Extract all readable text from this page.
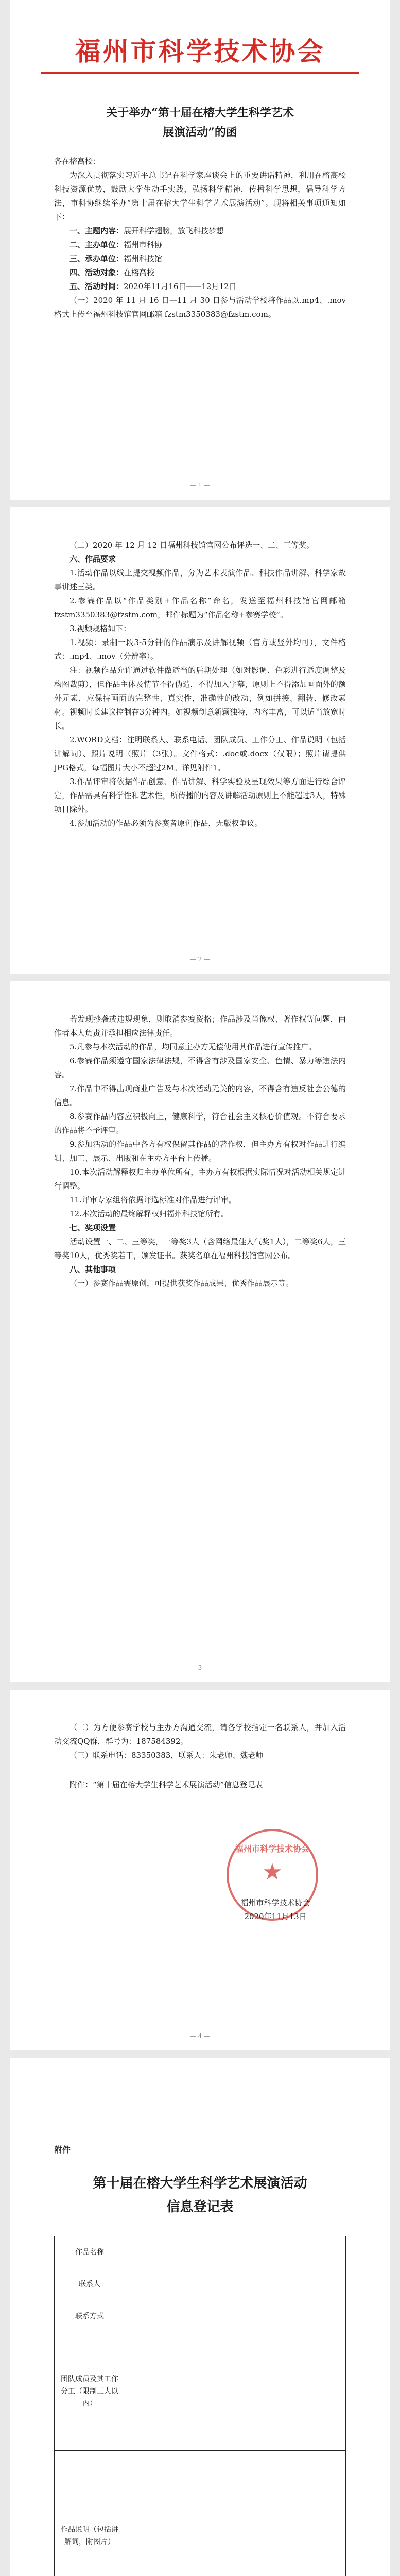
福州市科学技术协会
关于举办“第十届在榕大学生科学艺术
展演活动”的函

各在榕高校：

为深入贯彻落实习近平总书记在科学家座谈会上的重要讲话精神，利用在榕高校科技资源优势，鼓励大学生动手实践，弘扬科学精神，传播科学思想，倡导科学方法，市科协继续举办“第十届在榕大学生科学艺术展演活动”。现将相关事项通知如下：

一、主题内容：展开科学翅膀，放飞科技梦想

二、主办单位：福州市科协

三、承办单位：福州科技馆

四、活动对象：在榕高校

五、活动时间：2020年11月16日——12月12日

（一）2020 年 11 月 16 日—11 月 30 日参与活动学校将作品以.mp4、.mov 格式上传至福州科技馆官网邮箱 fzstm3350383@fzstm.com。

— 1 —

（二）2020 年 12 月 12 日福州科技馆官网公布评选一、二、三等奖。

六、作品要求

1.活动作品以线上提交视频作品，分为艺术表演作品、科技作品讲解、科学家故事讲述三类。

2.参赛作品以“作品类别+作品名称”命名，发送至福州科技馆官网邮箱 fzstm3350383@fzstm.com，邮件标题为“作品名称+参赛学校”。

3.视频规格如下：

1.视频：录制一段3-5分钟的作品演示及讲解视频（官方或竖外均可），文件格式：.mp4、.mov（分辨率）。

注：视频作品允许通过软件做适当的后期处理（如对影调、色彩进行适度调整及构图裁剪），但作品主体及情节不得伪造，不得加入字幕，原则上不得添加画面外的额外元素，应保持画面的完整性、真实性，准确性的改动，例如拼接、翻转、修改素材。视频时长建议控制在3分钟内。如视频创意新颖独特，内容丰富，可以适当放宽时长。

2.WORD文档：注明联系人、联系电话、团队成员、工作分工、作品说明（包括讲解词）、照片说明（照片（3张）。文件格式：.doc或.docx（仅限）；照片请提供JPG格式，每幅图片大小不超过2M。详见附件1。

3.作品评审将依据作品创意、作品讲解、科学实验及呈现效果等方面进行综合评定，作品需具有科学性和艺术性，所传播的内容及讲解活动原则上不能超过3人，特殊项目除外。

4.参加活动的作品必须为参赛者原创作品，无版权争议。

— 2 —

若发现抄袭或违规现象，则取消参赛资格；作品涉及肖像权、著作权等问题，由作者本人负责并承担相应法律责任。

5.凡参与本次活动的作品，均同意主办方无偿使用其作品进行宣传推广。

6.参赛作品须遵守国家法律法规，不得含有涉及国家安全、色情、暴力等违法内容。

7.作品中不得出现商业广告及与本次活动无关的内容，不得含有违反社会公德的信息。

8.参赛作品内容应积极向上，健康科学，符合社会主义核心价值观。不符合要求的作品将不予评审。

9.参加活动的作品中各方有权保留其作品的著作权，但主办方有权对作品进行编辑、加工、展示、出版和在主办方平台上传播。

10.本次活动解释权归主办单位所有，主办方有权根据实际情况对活动相关规定进行调整。

11.评审专家组将依据评选标准对作品进行评审。

12.本次活动的最终解释权归福州科技馆所有。

七、奖项设置

活动设置一、二、三等奖，一等奖3人（含网络最佳人气奖1人），二等奖6人，三等奖10人，优秀奖若干，颁发证书。获奖名单在福州科技馆官网公布。

八、其他事项

（一）参赛作品需原创，可提供获奖作品成果、优秀作品展示等。

— 3 —

（二）为方便参赛学校与主办方沟通交流，请各学校指定一名联系人，并加入活动交流QQ群，群号为：187584392。

（三）联系电话：83350383，联系人：朱老师、魏老师

附件：“第十届在榕大学生科学艺术展演活动”信息登记表

福州市科学技术协会
★
福州市科学技术协会
2020年11月13日
— 4 —
附件
第十届在榕大学生科学艺术展演活动
信息登记表
作品名称	
联系人	
联系方式	
团队成员及其工作分工（限制三人以内）	
作品说明（包括讲解词，附图片）	
